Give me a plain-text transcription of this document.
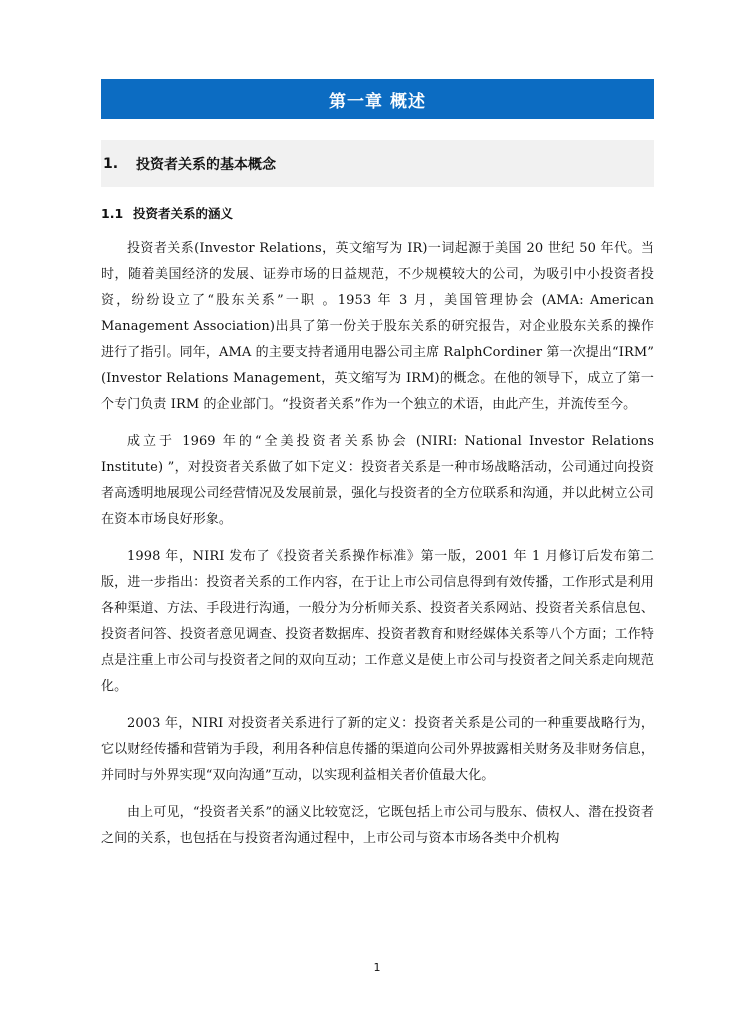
第一章 概述
1.	投资者关系的基本概念
1.1 投资者关系的涵义

投资者关系(Investor Relations，英文缩写为 IR)一词起源于美国 20 世纪 50 年代。当时，随着美国经济的发展、证券市场的日益规范，不少规模较大的公司，为吸引中小投资者投资，纷纷设立了“股东关系”一职 。1953 年 3 月，美国管理协会 (AMA: American Management Association)出具了第一份关于股东关系的研究报告，对企业股东关系的操作进行了指引。同年，AMA 的主要支持者通用电器公司主席 RalphCordiner 第一次提出“IRM” (Investor Relations Management，英文缩写为 IRM)的概念。在他的领导下，成立了第一个专门负责 IRM 的企业部门。“投资者关系”作为一个独立的术语，由此产生，并流传至今。

成立于 1969 年的“全美投资者关系协会 (NIRI: National Investor Relations Institute) ”，对投资者关系做了如下定义：投资者关系是一种市场战略活动，公司通过向投资者高透明地展现公司经营情况及发展前景，强化与投资者的全方位联系和沟通，并以此树立公司在资本市场良好形象。

1998 年，NIRI 发布了《投资者关系操作标准》第一版，2001 年 1 月修订后发布第二版，进一步指出：投资者关系的工作内容，在于让上市公司信息得到有效传播，工作形式是利用各种渠道、方法、手段进行沟通，一般分为分析师关系、投资者关系网站、投资者关系信息包、投资者问答、投资者意见调查、投资者数据库、投资者教育和财经媒体关系等八个方面；工作特点是注重上市公司与投资者之间的双向互动；工作意义是使上市公司与投资者之间关系走向规范化。

2003 年，NIRI 对投资者关系进行了新的定义：投资者关系是公司的一种重要战略行为，它以财经传播和营销为手段，利用各种信息传播的渠道向公司外界披露相关财务及非财务信息，并同时与外界实现“双向沟通”互动，以实现利益相关者价值最大化。

由上可见，“投资者关系”的涵义比较宽泛，它既包括上市公司与股东、债权人、潜在投资者之间的关系，也包括在与投资者沟通过程中，上市公司与资本市场各类中介机构

1
